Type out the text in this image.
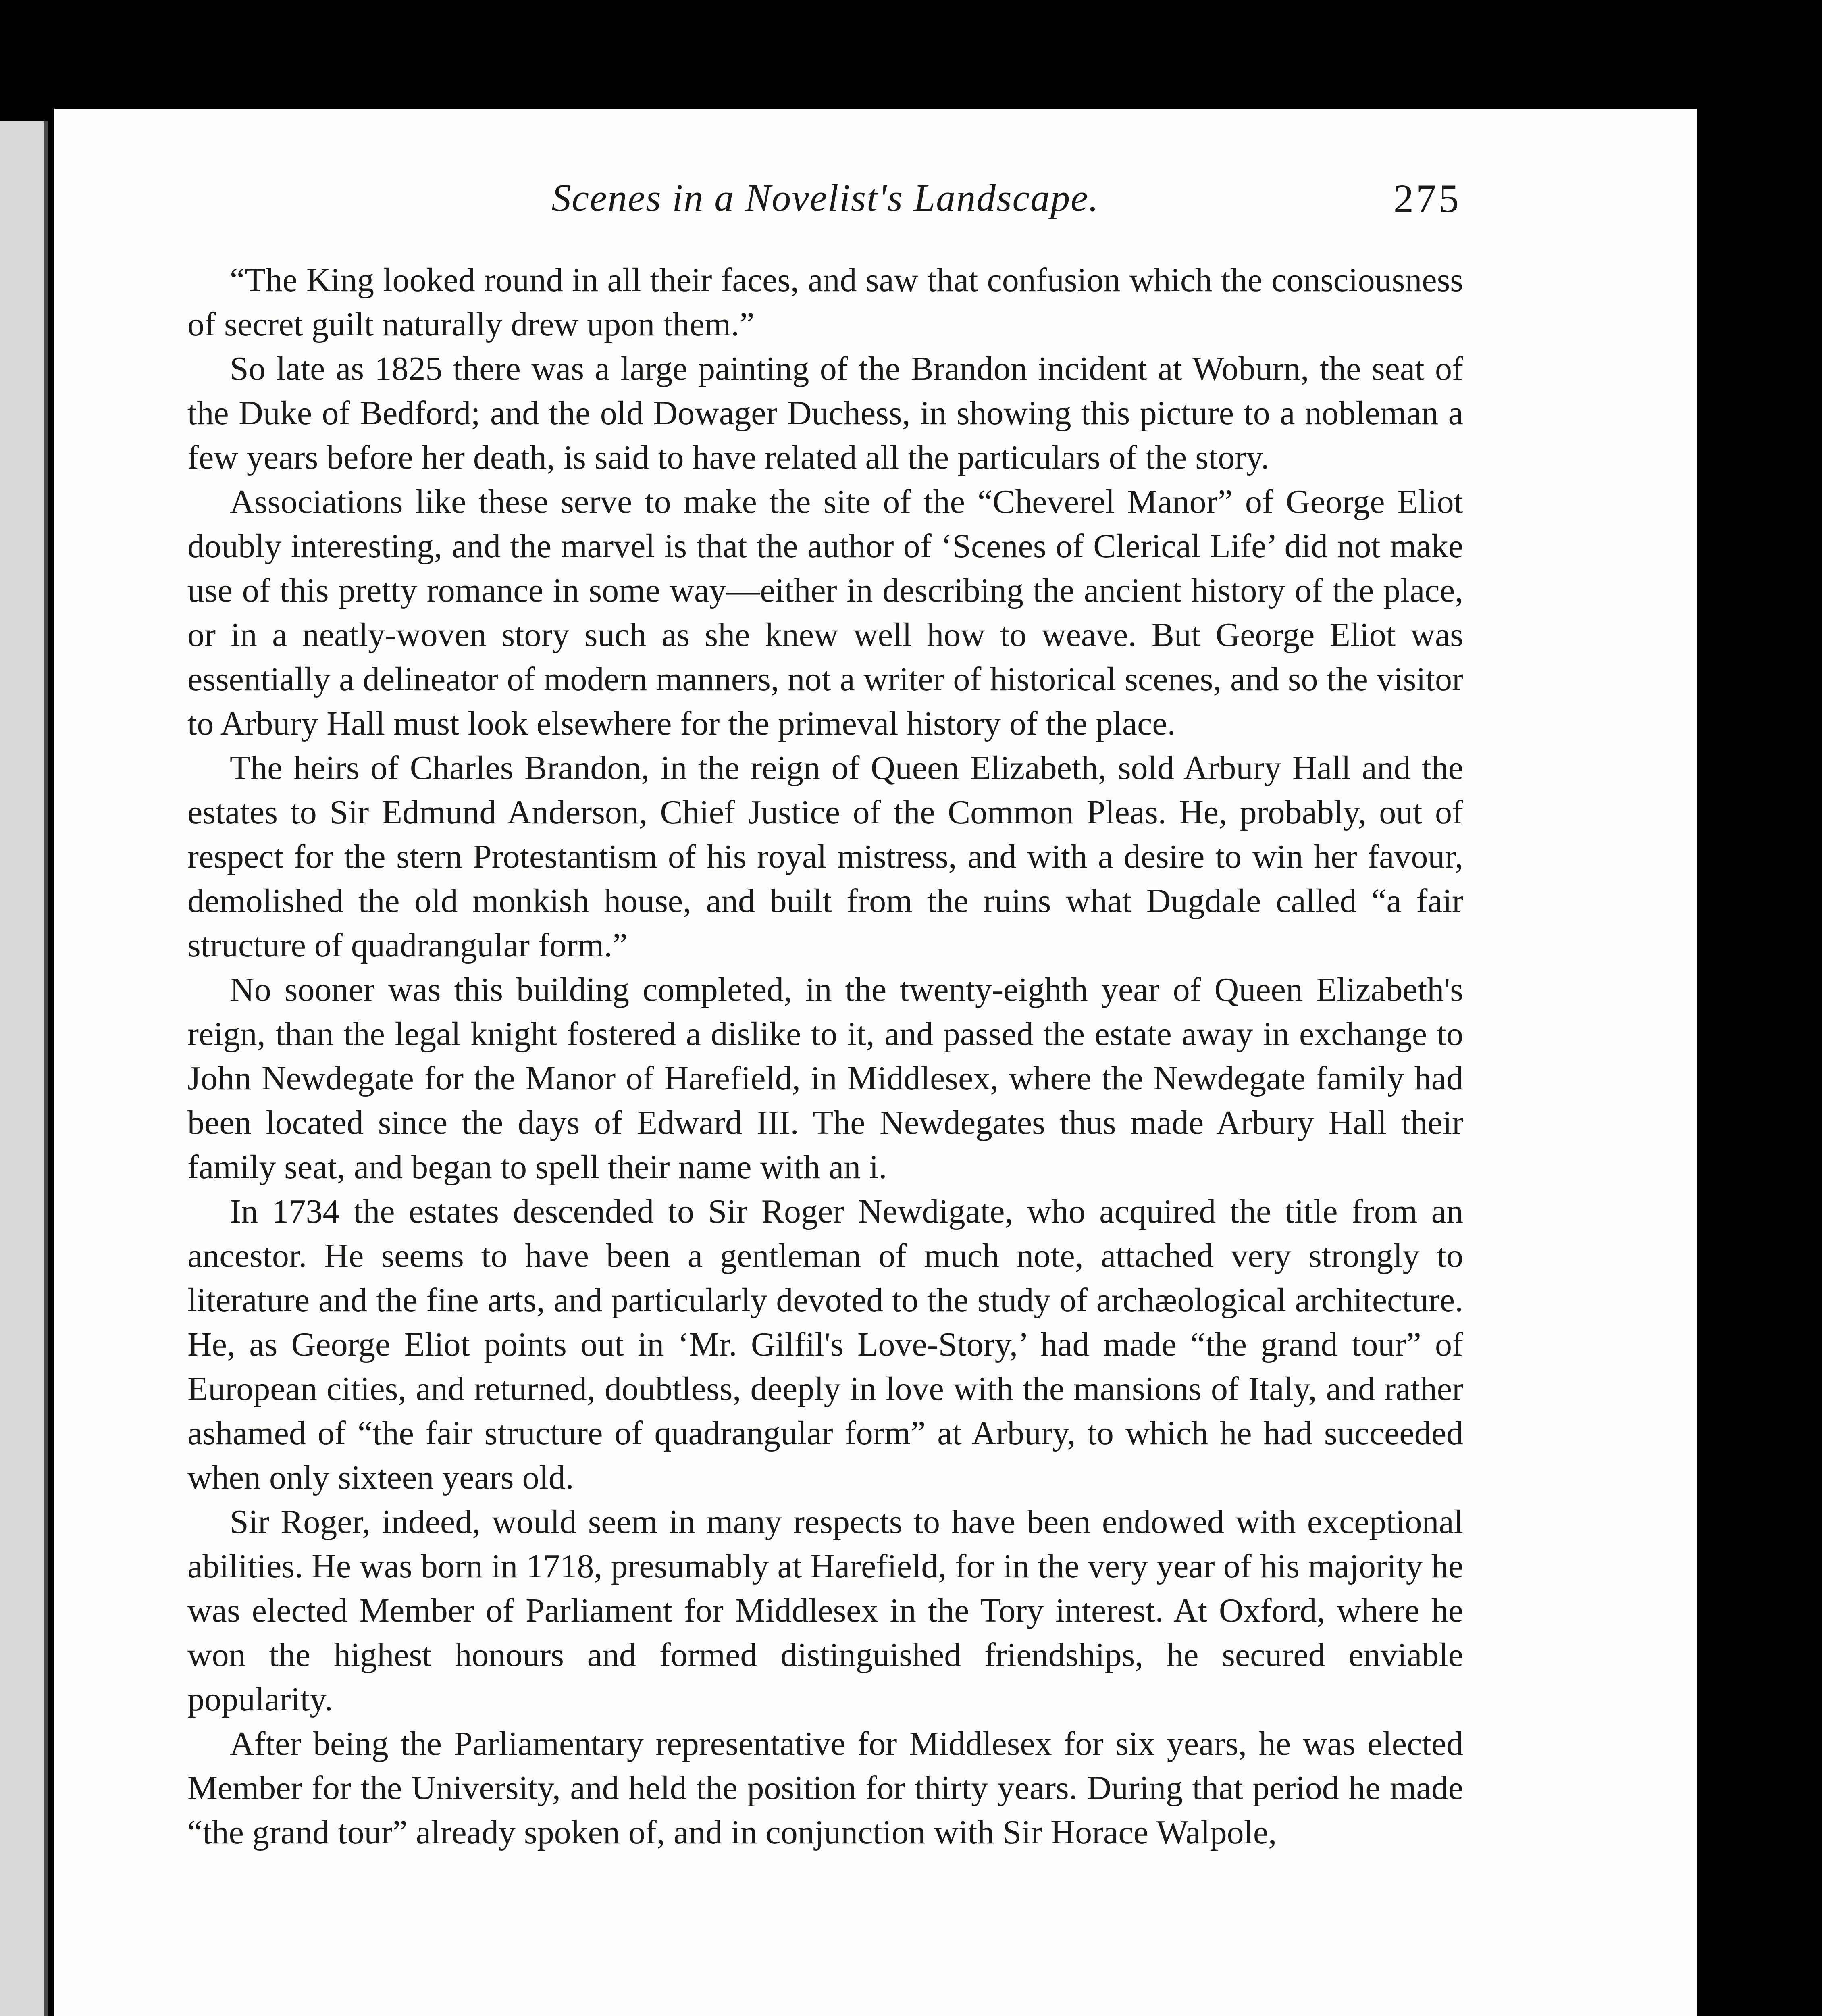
Scenes in a Novelist's Landscape.	275

“The King looked round in all their faces, and saw that confusion which the consciousness of secret guilt naturally drew upon them.”

So late as 1825 there was a large painting of the Brandon incident at Woburn, the seat of the Duke of Bedford; and the old Dowager Duchess, in showing this picture to a nobleman a few years before her death, is said to have related all the particulars of the story.

Associations like these serve to make the site of the “Cheverel Manor” of George Eliot doubly interesting, and the marvel is that the author of ‘Scenes of Clerical Life’ did not make use of this pretty romance in some way—either in describing the ancient history of the place, or in a neatly-woven story such as she knew well how to weave. But George Eliot was essentially a delineator of modern manners, not a writer of historical scenes, and so the visitor to Arbury Hall must look elsewhere for the primeval history of the place.

The heirs of Charles Brandon, in the reign of Queen Elizabeth, sold Arbury Hall and the estates to Sir Edmund Anderson, Chief Justice of the Common Pleas. He, probably, out of respect for the stern Protestantism of his royal mistress, and with a desire to win her favour, demolished the old monkish house, and built from the ruins what Dugdale called “a fair structure of quadrangular form.”

No sooner was this building completed, in the twenty-eighth year of Queen Elizabeth's reign, than the legal knight fostered a dislike to it, and passed the estate away in exchange to John Newdegate for the Manor of Harefield, in Middlesex, where the Newdegate family had been located since the days of Edward III. The Newdegates thus made Arbury Hall their family seat, and began to spell their name with an i.

In 1734 the estates descended to Sir Roger Newdigate, who acquired the title from an ancestor. He seems to have been a gentleman of much note, attached very strongly to literature and the fine arts, and particularly devoted to the study of archæological architecture. He, as George Eliot points out in ‘Mr. Gilfil's Love-Story,’ had made “the grand tour” of European cities, and returned, doubtless, deeply in love with the mansions of Italy, and rather ashamed of “the fair structure of quadrangular form” at Arbury, to which he had succeeded when only sixteen years old.

Sir Roger, indeed, would seem in many respects to have been endowed with exceptional abilities. He was born in 1718, presumably at Harefield, for in the very year of his majority he was elected Member of Parliament for Middlesex in the Tory interest. At Oxford, where he won the highest honours and formed distinguished friendships, he secured enviable popularity.

After being the Parliamentary representative for Middlesex for six years, he was elected Member for the University, and held the position for thirty years. During that period he made “the grand tour” already spoken of, and in conjunction with Sir Horace Walpole,
